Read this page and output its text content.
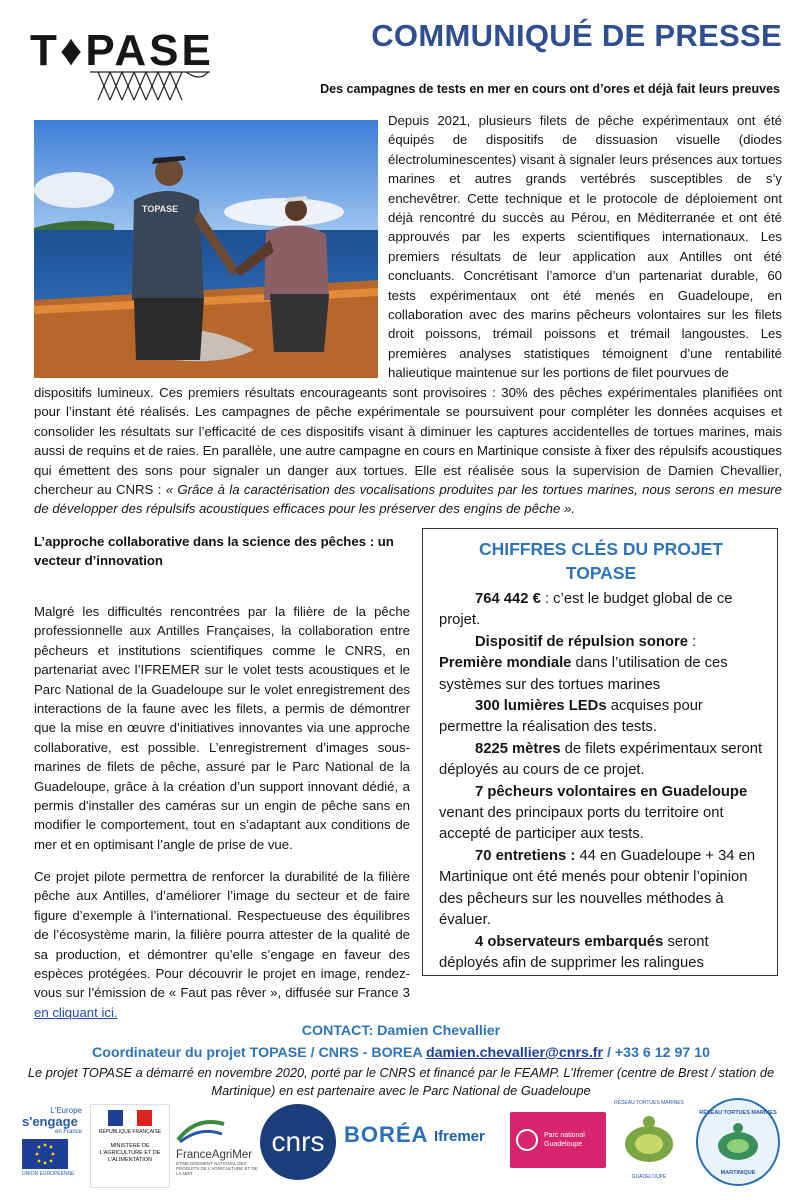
T♦PASE	COMMUNIQUÉ DE PRESSE
Des campagnes de tests en mer en cours ont d’ores et déjà fait leurs preuves
TOPASE

Depuis 2021, plusieurs filets de pêche expérimentaux ont été équipés de dispositifs de dissuasion visuelle (diodes électroluminescentes) visant à signaler leurs présences aux tortues marines et autres grands vertébrés susceptibles de s’y enchevêtrer. Cette technique et le protocole de déploiement ont déjà rencontré du succès au Pérou, en Méditerranée et ont été approuvés par les experts scientifiques internationaux. Les premiers résultats de leur application aux Antilles ont été concluants. Concrétisant l’amorce d’un partenariat durable, 60 tests expérimentaux ont été menés en Guadeloupe, en collaboration avec des marins pêcheurs volontaires sur les filets droit poissons, trémail poissons et trémail langoustes. Les premières analyses statistiques témoignent d’une rentabilité halieutique maintenue sur les portions de filet pourvues de

dispositifs lumineux. Ces premiers résultats encourageants sont provisoires : 30% des pêches expérimentales planifiées ont pour l’instant été réalisés. Les campagnes de pêche expérimentale se poursuivent pour compléter les données acquises et consolider les résultats sur l’efficacité de ces dispositifs visant à diminuer les captures accidentelles de tortues marines, mais aussi de requins et de raies. En parallèle, une autre campagne en cours en Martinique consiste à fixer des répulsifs acoustiques qui émettent des sons pour signaler un danger aux tortues. Elle est réalisée sous la supervision de Damien Chevallier, chercheur au CNRS : « Grâce à la caractérisation des vocalisations produites par les tortues marines, nous serons en mesure de développer des répulsifs acoustiques efficaces pour les préserver des engins de pêche ».

L’approche collaborative dans la science des pêches : un vecteur d’innovation

Malgré les difficultés rencontrées par la filière de la pêche professionnelle aux Antilles Françaises, la collaboration entre pêcheurs et institutions scientifiques comme le CNRS, en partenariat avec l’IFREMER sur le volet tests acoustiques et le Parc National de la Guadeloupe sur le volet enregistrement des interactions de la faune avec les filets, a permis de démontrer que la mise en œuvre d’initiatives innovantes via une approche collaborative, est possible. L’enregistrement d’images sous-marines de filets de pêche, assuré par le Parc National de la Guadeloupe, grâce à la création d’un support innovant dédié, a permis d'installer des caméras sur un engin de pêche sans en modifier le comportement, tout en s’adaptant aux conditions de mer et en optimisant l’angle de prise de vue.

Ce projet pilote permettra de renforcer la durabilité de la filière pêche aux Antilles, d’améliorer l’image du secteur et de faire figure d’exemple à l’international. Respectueuse des équilibres de l’écosystème marin, la filière pourra attester de la qualité de sa production, et démontrer qu’elle s’engage en faveur des espèces protégées. Pour découvrir le projet en image, rendez-vous sur l’émission de « Faut pas rêver », diffusée sur France 3 en cliquant ici.

CHIFFRES CLÉS DU PROJET
TOPASE

764 442 € : c’est le budget global de ce projet.

Dispositif de répulsion sonore : Première mondiale dans l’utilisation de ces systèmes sur des tortues marines

300 lumières LEDs acquises pour permettre la réalisation des tests.

8225 mètres de filets expérimentaux seront déployés au cours de ce projet.

7 pêcheurs volontaires en Guadeloupe venant des principaux ports du territoire ont accepté de participer aux tests.

70 entretiens : 44 en Guadeloupe + 34 en Martinique ont été menés pour obtenir l’opinion des pêcheurs sur les nouvelles méthodes à évaluer.

4 observateurs embarqués seront déployés afin de supprimer les ralingues

CONTACT: Damien Chevallier
Coordinateur du projet TOPASE / CNRS - BOREA damien.chevallier@cnrs.fr / +33 6 12 97 10
Le projet TOPASE a démarré en novembre 2020, porté par le CNRS et financé par le FEAMP. L’Ifremer (centre de Brest / station de Martinique) en est partenaire avec le Parc National de Guadeloupe
L'Europe
s'engage
en France
UNION EUROPÉENNE
RÉPUBLIQUE FRANÇAISE
MINISTÈRE DE L'AGRICULTURE ET DE L'ALIMENTATION	FranceAgriMer
ÉTABLISSEMENT NATIONAL DES PRODUITS DE L'AGRICULTURE ET DE LA MER
cnrs BORÉA Ifremer	Parc national Guadeloupe
RÉSEAU TORTUES MARINES
GUADELOUPE
RÉSEAU TORTUES MARINES
MARTINIQUE
